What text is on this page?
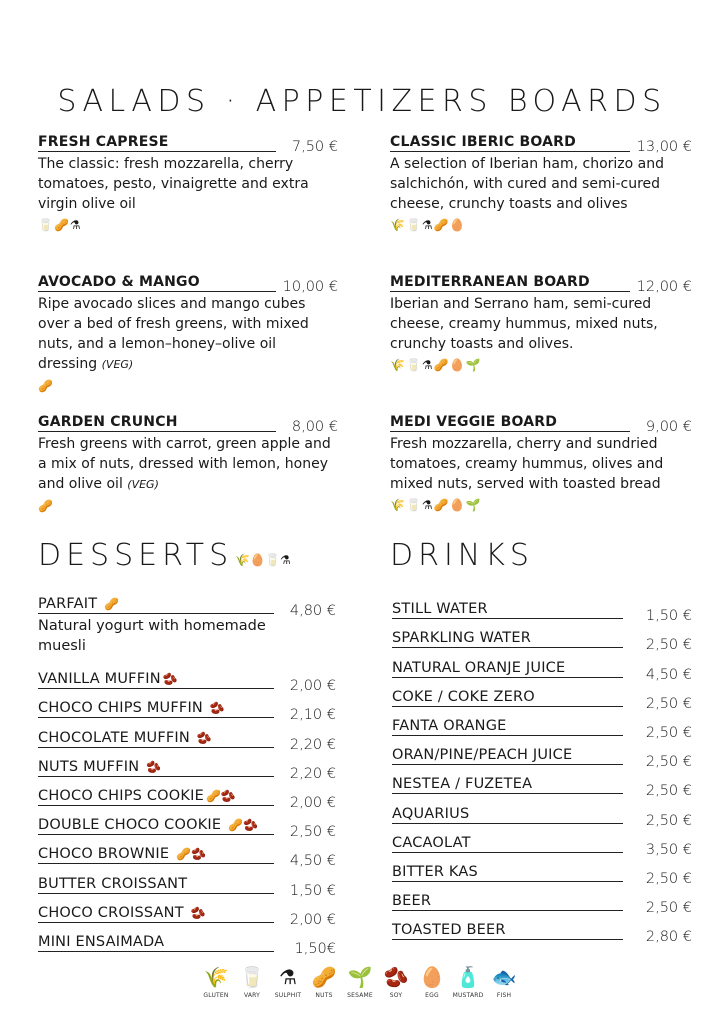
SALADS · APPETIZERS BOARDS
FRESH CAPRESE	7,50 €
The classic: fresh mozzarella, cherry tomatoes, pesto, vinaigrette and extra virgin olive oil
🥛🥜⚗
AVOCADO & MANGO	10,00 €
Ripe avocado slices and mango cubes over a bed of fresh greens, with mixed nuts, and a lemon–honey–olive oil dressing (VEG)
🥜
GARDEN CRUNCH	8,00 €
Fresh greens with carrot, green apple and a mix of nuts, dressed with lemon, honey and olive oil (VEG)
🥜
CLASSIC IBERIC BOARD	13,00 €
A selection of Iberian ham, chorizo and salchichón, with cured and semi-cured cheese, crunchy toasts and olives
🌾🥛⚗🥜🥚
MEDITERRANEAN BOARD	12,00 €
Iberian and Serrano ham, semi-cured cheese, creamy hummus, mixed nuts, crunchy toasts and olives.
🌾🥛⚗🥜🥚🌱
MEDI VEGGIE BOARD	9,00 €
Fresh mozzarella, cherry and sundried tomatoes, creamy hummus, olives and mixed nuts, served with toasted bread
🌾🥛⚗🥜🥚🌱
DESSERTS 🌾🥚🥛⚗	DRINKS
PARFAIT 🥜	4,80 €
Natural yogurt with homemade muesli
VANILLA MUFFIN 🫘	2,00 €
CHOCO CHIPS MUFFIN 🫘	2,10 €
CHOCOLATE MUFFIN 🫘	2,20 €
NUTS MUFFIN 🫘	2,20 €
CHOCO CHIPS COOKIE 🥜🫘	2,00 €
DOUBLE CHOCO COOKIE 🥜🫘	2,50 €
CHOCO BROWNIE 🥜🫘	4,50 €
BUTTER CROISSANT	1,50 €
CHOCO CROISSANT 🫘	2,00 €
MINI ENSAIMADA	1,50€
STILL WATER	1,50 €
SPARKLING WATER	2,50 €
NATURAL ORANJE JUICE	4,50 €
COKE / COKE ZERO	2,50 €
FANTA ORANGE	2,50 €
ORAN/PINE/PEACH JUICE	2,50 €
NESTEA / FUZETEA	2,50 €
AQUARIUS	2,50 €
CACAOLAT	3,50 €
BITTER KAS	2,50 €
BEER	2,50 €
TOASTED BEER	2,80 €
🌾
GLUTEN
🥛
VARY
⚗
SULPHIT
🥜
NUTS
🌱
SESAME
🫘
SOY
🥚
EGG
🧴
MUSTARD
🐟
FISH
